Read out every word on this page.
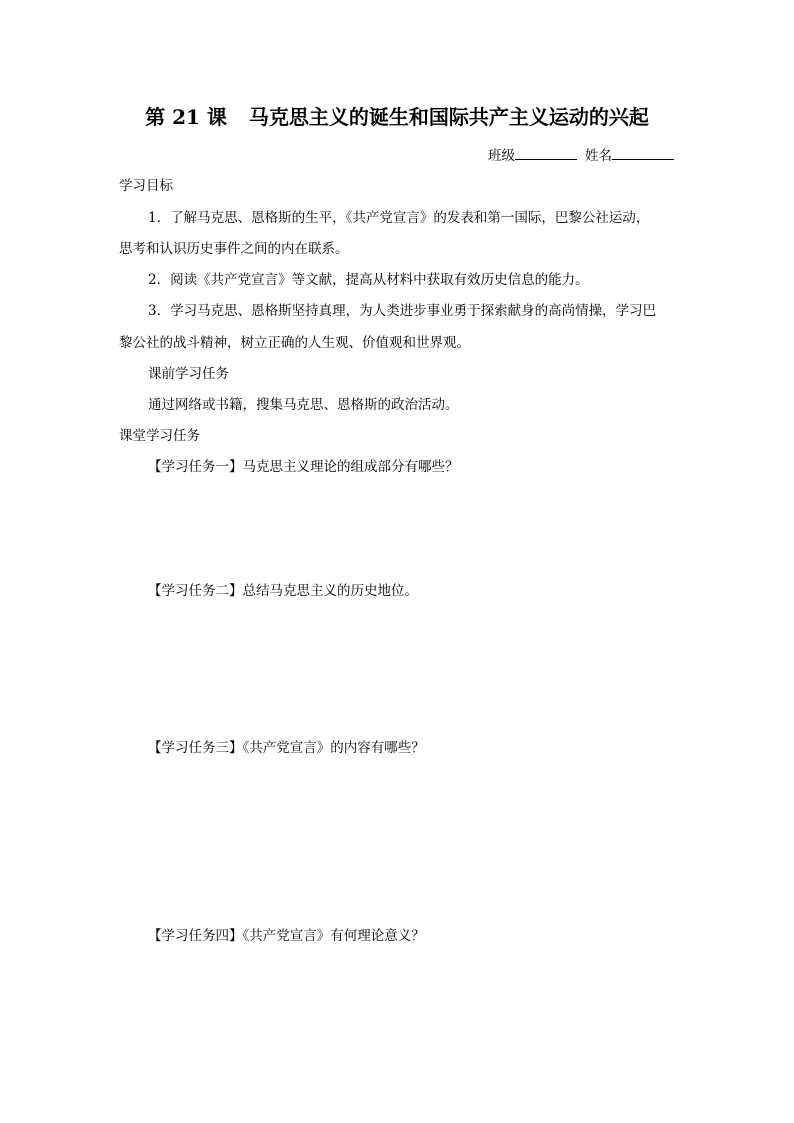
第 21 课 马克思主义的诞生和国际共产主义运动的兴起
班级	姓名
学习目标
1．了解马克思、恩格斯的生平，《共产党宣言》的发表和第一国际，巴黎公社运动，
思考和认识历史事件之间的内在联系。
2．阅读《共产党宣言》等文献，提高从材料中获取有效历史信息的能力。
3．学习马克思、恩格斯坚持真理，为人类进步事业勇于探索献身的高尚情操，学习巴
黎公社的战斗精神，树立正确的人生观、价值观和世界观。
课前学习任务
通过网络或书籍，搜集马克思、恩格斯的政治活动。
课堂学习任务
【学习任务一】马克思主义理论的组成部分有哪些？
【学习任务二】总结马克思主义的历史地位。
【学习任务三】《共产党宣言》的内容有哪些？
【学习任务四】《共产党宣言》有何理论意义？
